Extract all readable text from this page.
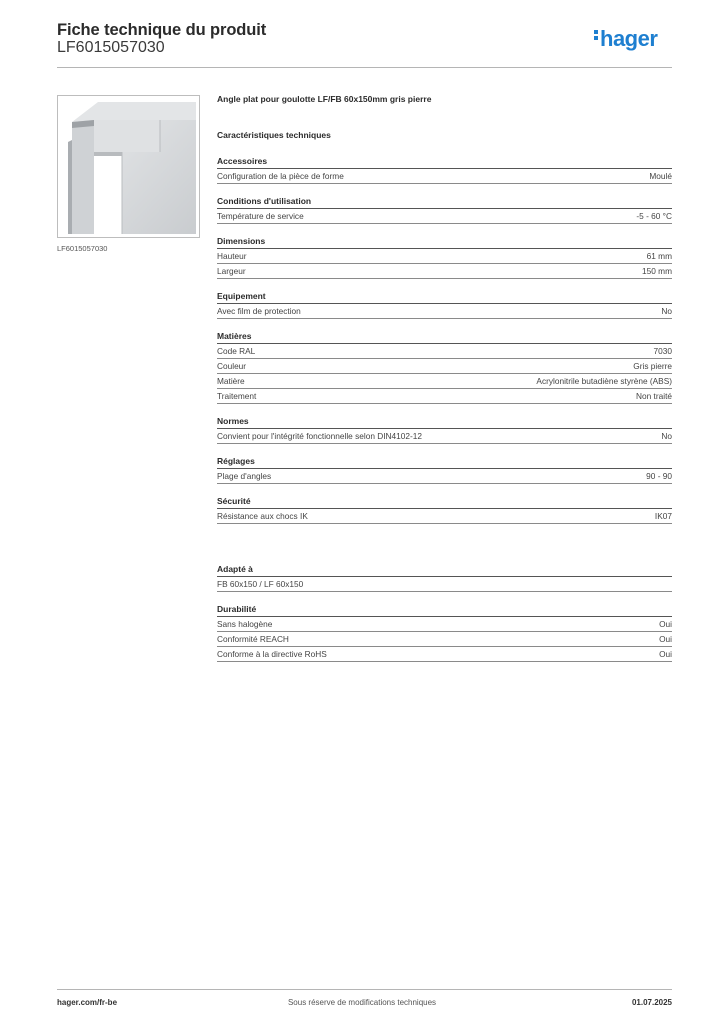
Fiche technique du produit
LF6015057030	hager
LF6015057030
Angle plat pour goulotte LF/FB 60x150mm gris pierre
Caractéristiques techniques
Accessoires
Configuration de la pièce de forme	Moulé
Conditions d'utilisation
Température de service	-5 - 60 °C
Dimensions
Hauteur	61 mm
Largeur	150 mm
Equipement
Avec film de protection	No
Matières
Code RAL	7030
Couleur	Gris pierre
Matière	Acrylonitrile butadiène styrène (ABS)
Traitement	Non traité
Normes
Convient pour l'intégrité fonctionnelle selon DIN4102-12	No
Réglages
Plage d'angles	90 - 90
Sécurité
Résistance aux chocs IK	IK07
Adapté à
FB 60x150 / LF 60x150
Durabilité
Sans halogène	Oui
Conformité REACH	Oui
Conforme à la directive RoHS	Oui
hager.com/fr-be	Sous réserve de modifications techniques	01.07.2025
